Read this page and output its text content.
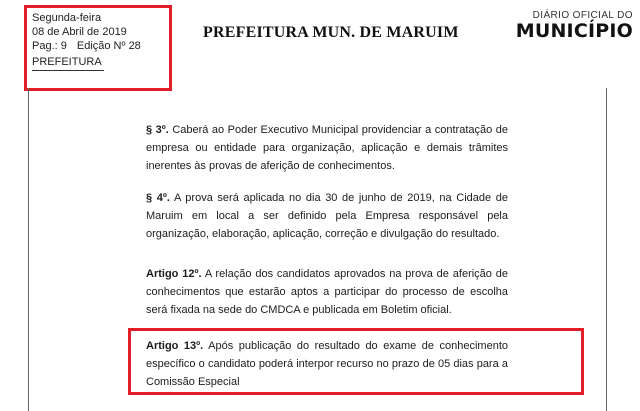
Segunda-feira
08 de Abril de 2019
Pag.: 9 Edição Nº 28
PREFEITURA
PREFEITURA MUN. DE MARUIM
DIÁRIO OFICIAL DO
MUNICÍPIO
§ 3º. Caberá ao Poder Executivo Municipal providenciar a contratação de empresa ou entidade para organização, aplicação e demais trâmites inerentes às provas de aferição de conhecimentos.
§ 4º. A prova será aplicada no dia 30 de junho de 2019, na Cidade de Maruim em local a ser definido pela Empresa responsável pela organização, elaboração, aplicação, correção e divulgação do resultado.
Artigo 12º. A relação dos candidatos aprovados na prova de aferição de conhecimentos que estarão aptos a participar do processo de escolha será fixada na sede do CMDCA e publicada em Boletim oficial.
Artigo 13º. Após publicação do resultado do exame de conhecimento específico o candidato poderá interpor recurso no prazo de 05 dias para a Comissão Especial
